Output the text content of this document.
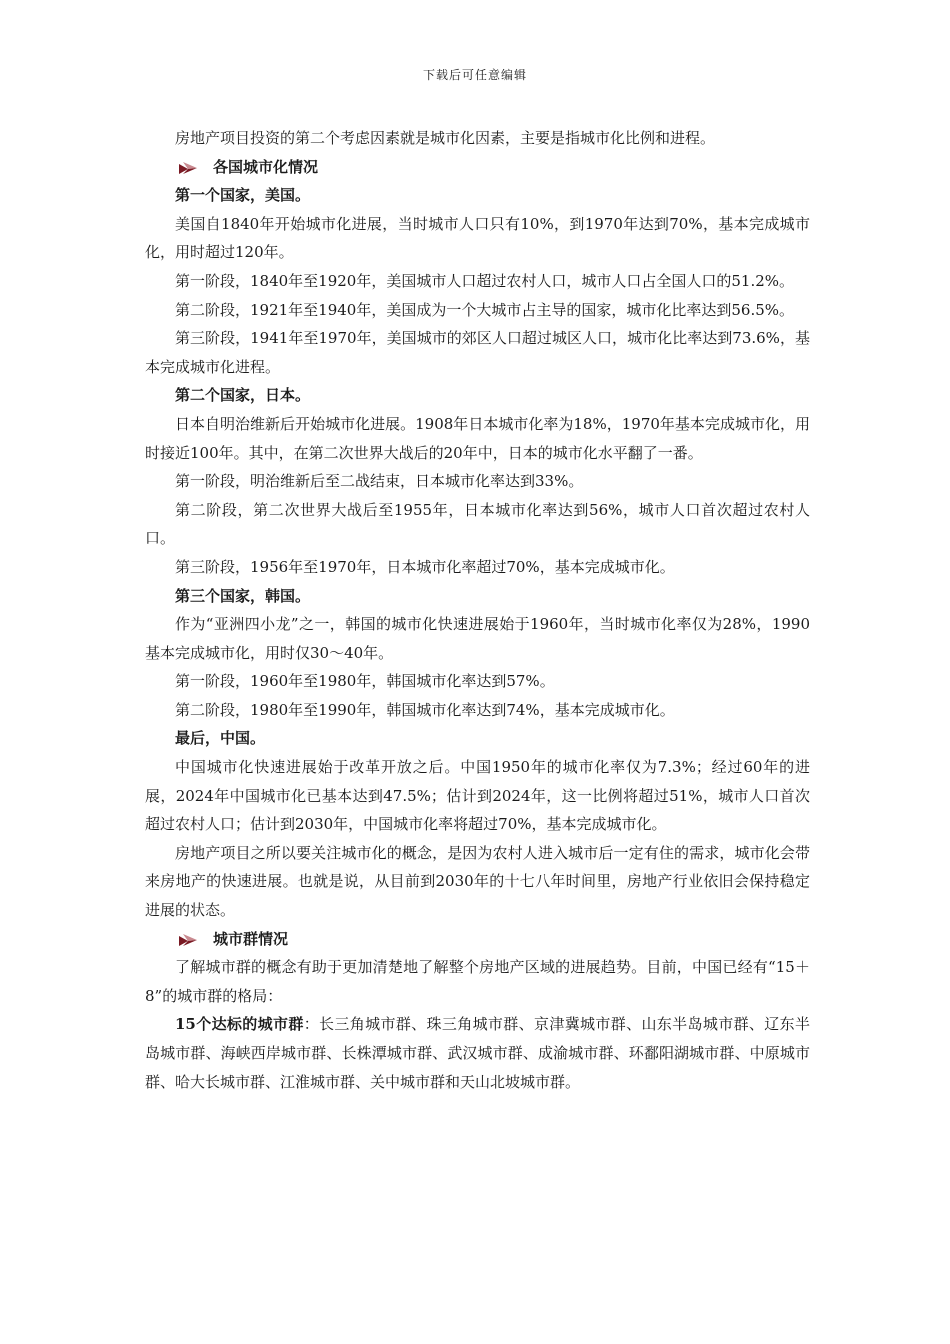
下载后可任意编辑

房地产项目投资的第二个考虑因素就是城市化因素，主要是指城市化比例和进程。

各国城市化情况

第一个国家，美国。

美国自1840年开始城市化进展，当时城市人口只有10%，到1970年达到70%，基本完成城市化，用时超过120年。

第一阶段，1840年至1920年，美国城市人口超过农村人口，城市人口占全国人口的51.2%。

第二阶段，1921年至1940年，美国成为一个大城市占主导的国家，城市化比率达到56.5%。

第三阶段，1941年至1970年，美国城市的郊区人口超过城区人口，城市化比率达到73.6%，基本完成城市化进程。

第二个国家，日本。

日本自明治维新后开始城市化进展。1908年日本城市化率为18%，1970年基本完成城市化，用时接近100年。其中，在第二次世界大战后的20年中，日本的城市化水平翻了一番。

第一阶段，明治维新后至二战结束，日本城市化率达到33%。

第二阶段，第二次世界大战后至1955年，日本城市化率达到56%，城市人口首次超过农村人口。

第三阶段，1956年至1970年，日本城市化率超过70%，基本完成城市化。

第三个国家，韩国。

作为“亚洲四小龙”之一，韩国的城市化快速进展始于1960年，当时城市化率仅为28%，1990基本完成城市化，用时仅30～40年。

第一阶段，1960年至1980年，韩国城市化率达到57%。

第二阶段，1980年至1990年，韩国城市化率达到74%，基本完成城市化。

最后，中国。

中国城市化快速进展始于改革开放之后。中国1950年的城市化率仅为7.3%；经过60年的进展，2024年中国城市化已基本达到47.5%；估计到2024年，这一比例将超过51%，城市人口首次超过农村人口；估计到2030年，中国城市化率将超过70%，基本完成城市化。

房地产项目之所以要关注城市化的概念，是因为农村人进入城市后一定有住的需求，城市化会带来房地产的快速进展。也就是说，从目前到2030年的十七八年时间里，房地产行业依旧会保持稳定进展的状态。

城市群情况

了解城市群的概念有助于更加清楚地了解整个房地产区域的进展趋势。目前，中国已经有“15＋8”的城市群的格局：

15个达标的城市群：长三角城市群、珠三角城市群、京津冀城市群、山东半岛城市群、辽东半岛城市群、海峡西岸城市群、长株潭城市群、武汉城市群、成渝城市群、环鄱阳湖城市群、中原城市群、哈大长城市群、江淮城市群、关中城市群和天山北坡城市群。
